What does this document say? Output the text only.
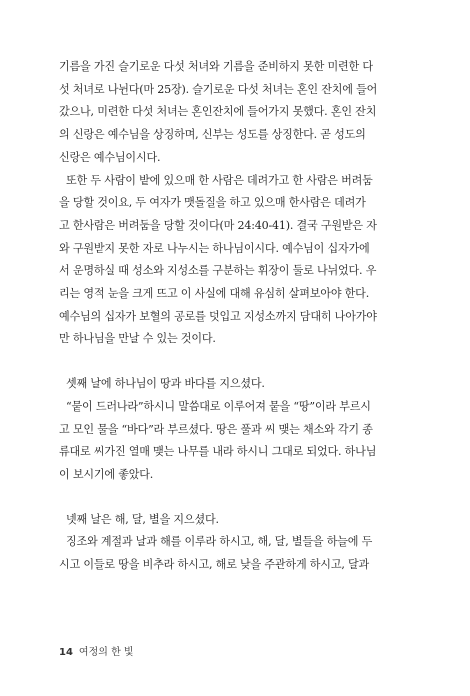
기름을 가진 슬기로운 다섯 처녀와 기름을 준비하지 못한 미련한 다
섯 처녀로 나뉜다(마 25장). 슬기로운 다섯 처녀는 혼인 잔치에 들어
갔으나, 미련한 다섯 처녀는 혼인잔치에 들어가지 못했다. 혼인 잔치
의 신랑은 예수님을 상징하며, 신부는 성도를 상징한다. 곧 성도의
신랑은 예수님이시다.

또한 두 사람이 밭에 있으매 한 사람은 데려가고 한 사람은 버려둠
을 당할 것이요, 두 여자가 맷돌질을 하고 있으매 한사람은 데려가
고 한사람은 버려둠을 당할 것이다(마 24:40-41). 결국 구원받은 자
와 구원받지 못한 자로 나누시는 하나님이시다. 예수님이 십자가에
서 운명하실 때 성소와 지성소를 구분하는 휘장이 둘로 나뉘었다. 우
리는 영적 눈을 크게 뜨고 이 사실에 대해 유심히 살펴보아야 한다.
예수님의 십자가 보혈의 공로를 덧입고 지성소까지 담대히 나아가야
만 하나님을 만날 수 있는 것이다.

셋째 날에 하나님이 땅과 바다를 지으셨다.

“뭍이 드러나라”하시니 말씀대로 이루어져 뭍을 “땅”이라 부르시
고 모인 물을 “바다”라 부르셨다. 땅은 풀과 씨 맺는 채소와 각기 종
류대로 씨가진 열매 맺는 나무를 내라 하시니 그대로 되었다. 하나님
이 보시기에 좋았다.

넷째 날은 해, 달, 별을 지으셨다.

징조와 계절과 날과 해를 이루라 하시고, 해, 달, 별들을 하늘에 두
시고 이들로 땅을 비추라 하시고, 해로 낮을 주관하게 하시고, 달과

14 여정의 한 빛
